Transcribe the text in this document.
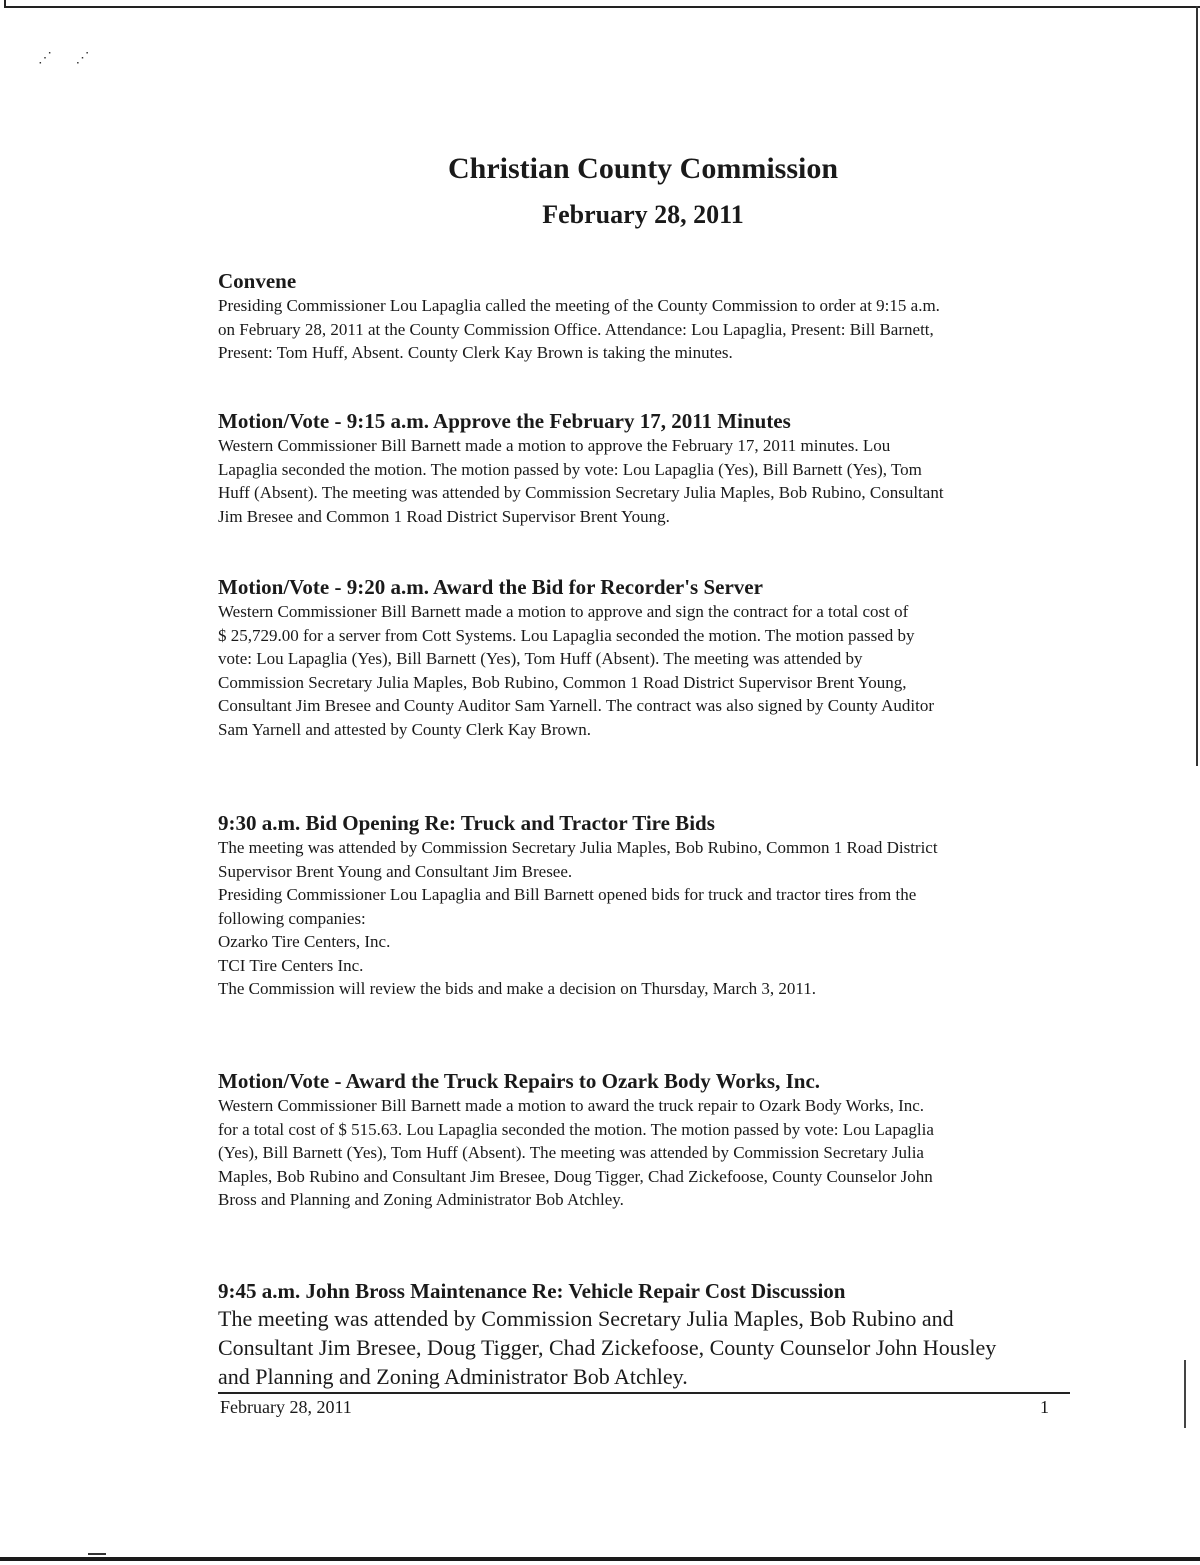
⋰ ⋰
Christian County Commission
February 28, 2011
Convene
Presiding Commissioner Lou Lapaglia called the meeting of the County Commission to order at 9:15 a.m.
on February 28, 2011 at the County Commission Office. Attendance: Lou Lapaglia, Present: Bill Barnett,
Present: Tom Huff, Absent. County Clerk Kay Brown is taking the minutes.
Motion/Vote - 9:15 a.m. Approve the February 17, 2011 Minutes
Western Commissioner Bill Barnett made a motion to approve the February 17, 2011 minutes. Lou
Lapaglia seconded the motion. The motion passed by vote: Lou Lapaglia (Yes), Bill Barnett (Yes), Tom
Huff (Absent). The meeting was attended by Commission Secretary Julia Maples, Bob Rubino, Consultant
Jim Bresee and Common 1 Road District Supervisor Brent Young.
Motion/Vote - 9:20 a.m. Award the Bid for Recorder's Server
Western Commissioner Bill Barnett made a motion to approve and sign the contract for a total cost of
$ 25,729.00 for a server from Cott Systems. Lou Lapaglia seconded the motion. The motion passed by
vote: Lou Lapaglia (Yes), Bill Barnett (Yes), Tom Huff (Absent). The meeting was attended by
Commission Secretary Julia Maples, Bob Rubino, Common 1 Road District Supervisor Brent Young,
Consultant Jim Bresee and County Auditor Sam Yarnell. The contract was also signed by County Auditor
Sam Yarnell and attested by County Clerk Kay Brown.
9:30 a.m. Bid Opening Re: Truck and Tractor Tire Bids
The meeting was attended by Commission Secretary Julia Maples, Bob Rubino, Common 1 Road District
Supervisor Brent Young and Consultant Jim Bresee.
Presiding Commissioner Lou Lapaglia and Bill Barnett opened bids for truck and tractor tires from the
following companies:
Ozarko Tire Centers, Inc.
TCI Tire Centers Inc.
The Commission will review the bids and make a decision on Thursday, March 3, 2011.
Motion/Vote - Award the Truck Repairs to Ozark Body Works, Inc.
Western Commissioner Bill Barnett made a motion to award the truck repair to Ozark Body Works, Inc.
for a total cost of $ 515.63. Lou Lapaglia seconded the motion. The motion passed by vote: Lou Lapaglia
(Yes), Bill Barnett (Yes), Tom Huff (Absent). The meeting was attended by Commission Secretary Julia
Maples, Bob Rubino and Consultant Jim Bresee, Doug Tigger, Chad Zickefoose, County Counselor John
Bross and Planning and Zoning Administrator Bob Atchley.
9:45 a.m. John Bross Maintenance Re: Vehicle Repair Cost Discussion
The meeting was attended by Commission Secretary Julia Maples, Bob Rubino and
Consultant Jim Bresee, Doug Tigger, Chad Zickefoose, County Counselor John Housley
and Planning and Zoning Administrator Bob Atchley.
February 28, 2011	1
